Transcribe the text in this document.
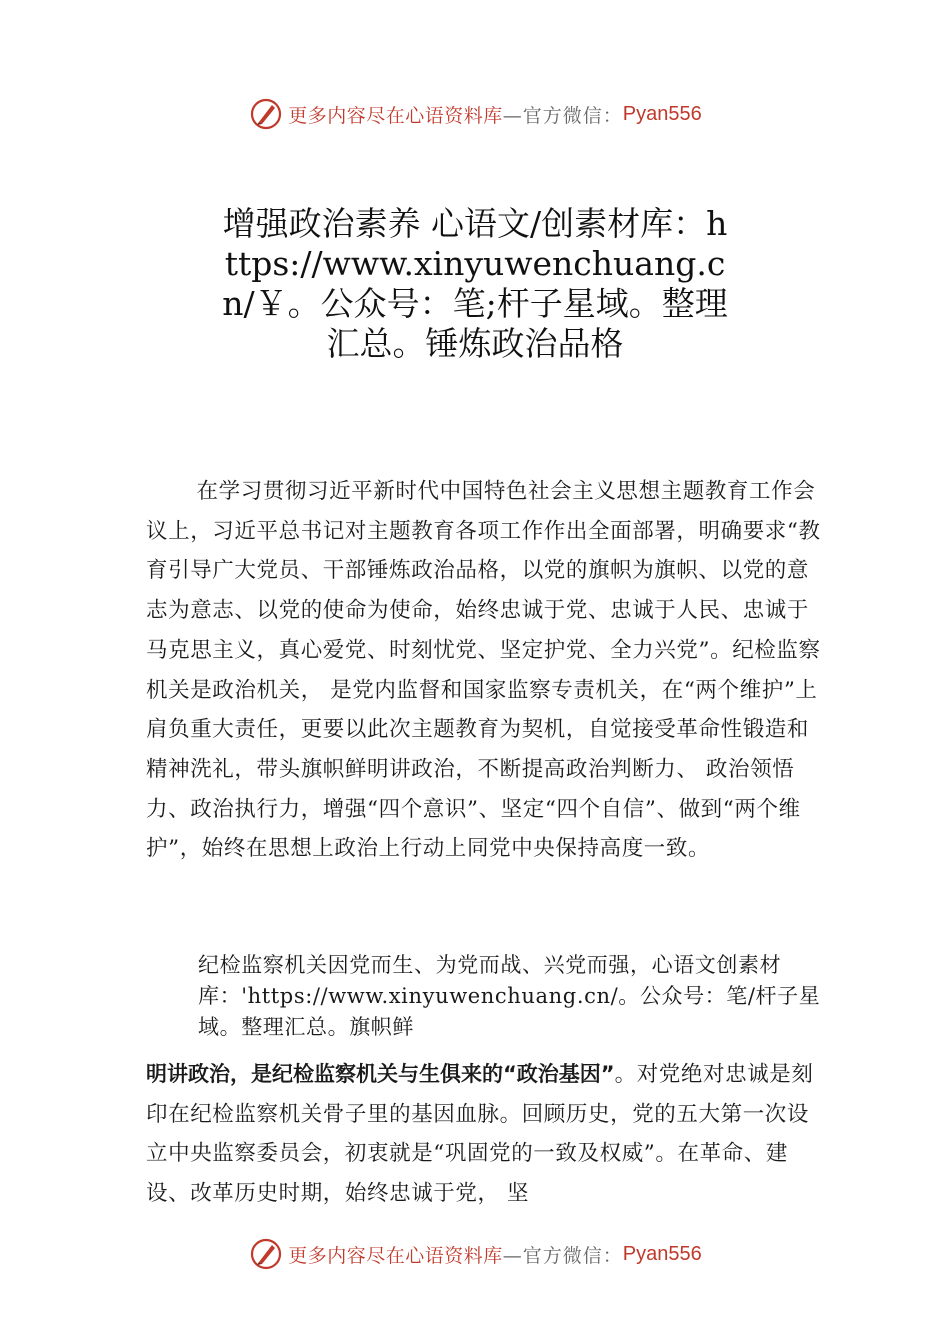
更多内容尽在心语资料库 —官方微信： Pyan556
增强政治素养 心语文/创素材库：https://www.xinyuwenchuang.cn/￥。公众号：笔;杆子星域。整理汇总。锤炼政治品格

在学习贯彻习近平新时代中国特色社会主义思想主题教育工作会议上，习近平总书记对主题教育各项工作作出全面部署，明确要求“教育引导广大党员、干部锤炼政治品格，以党的旗帜为旗帜、以党的意志为意志、以党的使命为使命，始终忠诚于党、忠诚于人民、忠诚于马克思主义，真心爱党、时刻忧党、坚定护党、全力兴党”。纪检监察机关是政治机关， 是党内监督和国家监察专责机关，在“两个维护”上肩负重大责任，更要以此次主题教育为契机，自觉接受革命性锻造和精神洗礼，带头旗帜鲜明讲政治，不断提高政治判断力、 政治领悟力、政治执行力，增强“四个意识”、坚定“四个自信”、做到“两个维护”，始终在思想上政治上行动上同党中央保持高度一致。

纪检监察机关因党而生、为党而战、兴党而强，心语文创素材库：'https://www.xinyuwenchuang.cn/。公众号：笔/杆子星域。整理汇总。旗帜鲜

明讲政治，是纪检监察机关与生俱来的“政治基因”。对党绝对忠诚是刻印在纪检监察机关骨子里的基因血脉。回顾历史，党的五大第一次设立中央监察委员会，初衷就是“巩固党的一致及权威”。在革命、建设、改革历史时期，始终忠诚于党， 坚

更多内容尽在心语资料库 —官方微信： Pyan556
